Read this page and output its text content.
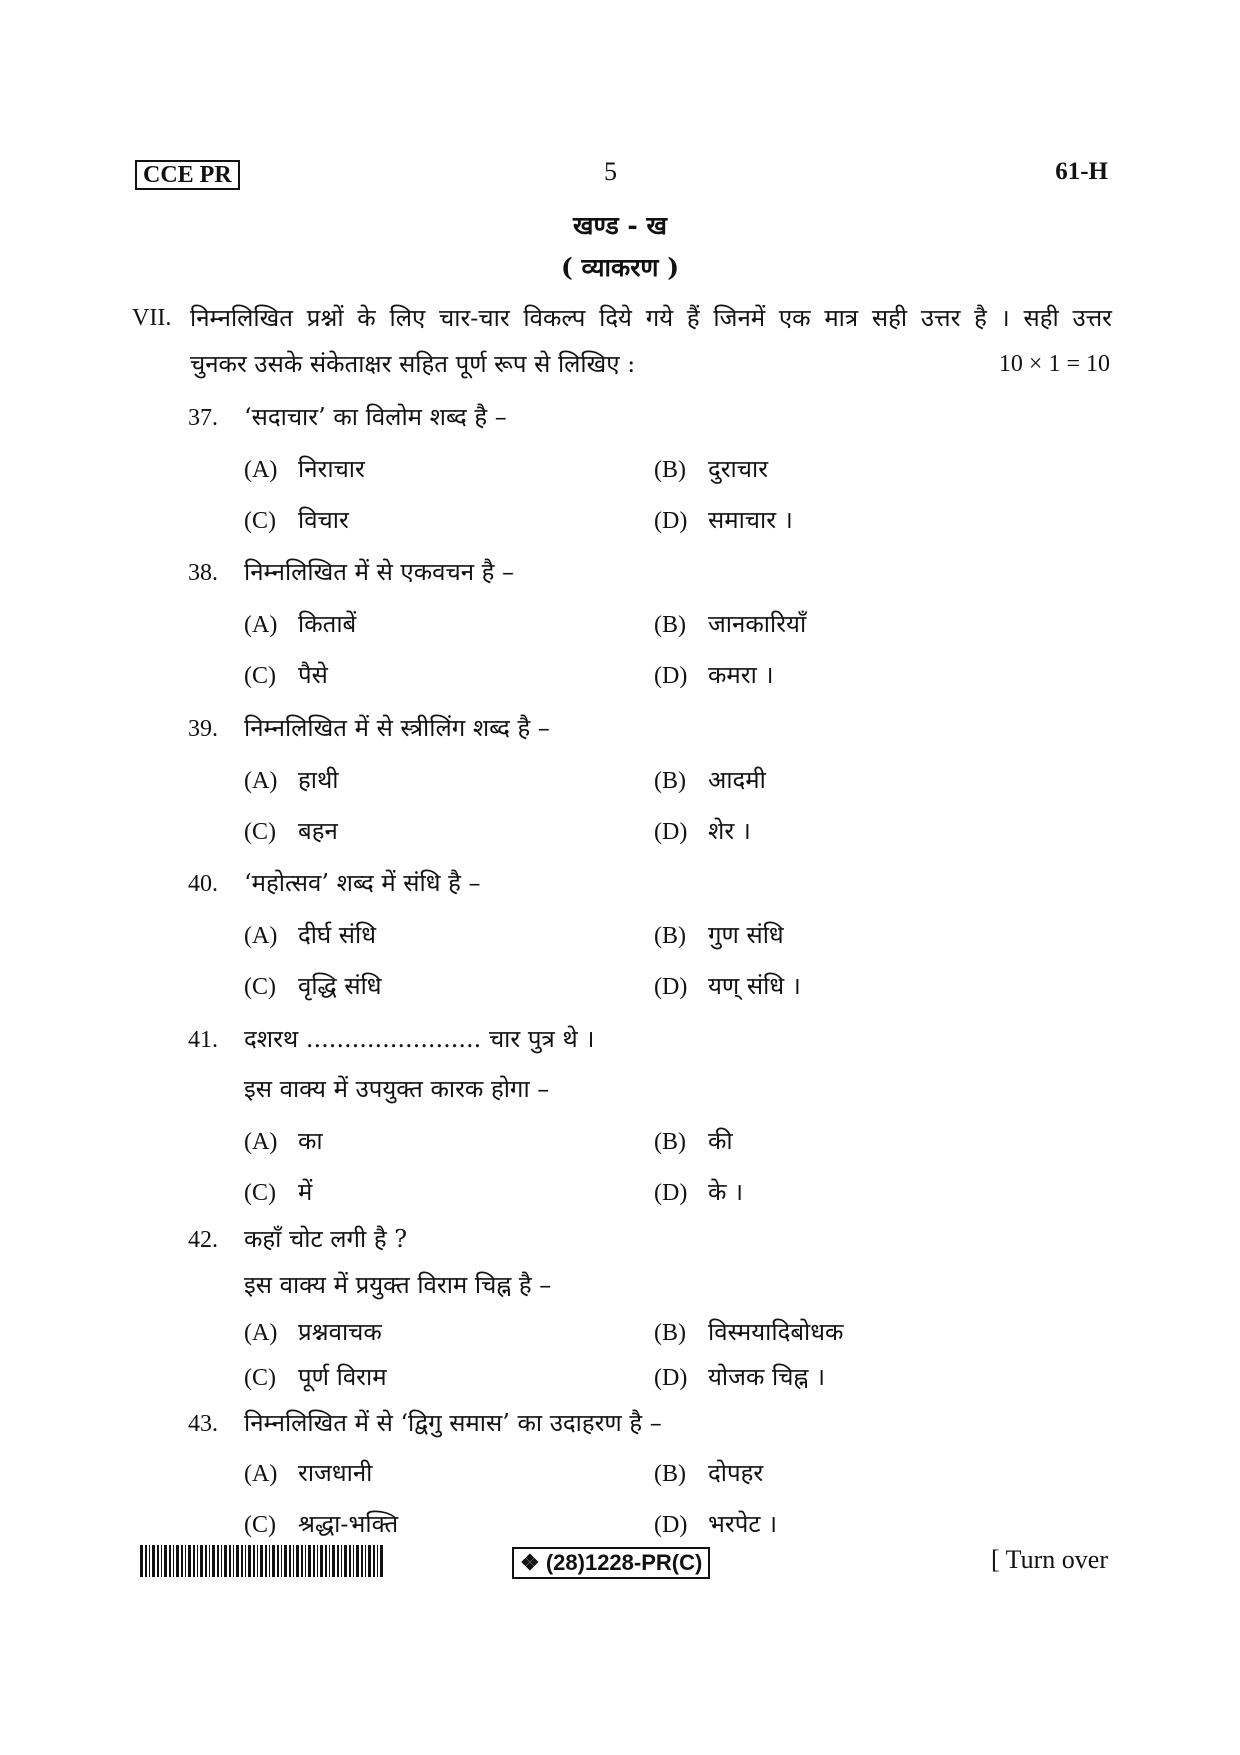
CCE PR	5	61-H
खण्ड - ख
( व्याकरण )
VII. निम्नलिखित प्रश्नों के लिए चार-चार विकल्प दिये गये हैं जिनमें एक मात्र सही उत्तर है । सही उत्तर
चुनकर उसके संकेताक्षर सहित पूर्ण रूप से लिखिए :	10 × 1 = 10
37. ‘सदाचार’ का विलोम शब्द है –
(A) निराचार	(B) दुराचार
(C) विचार	(D) समाचार ।
38. निम्नलिखित में से एकवचन है –
(A) किताबें	(B) जानकारियाँ
(C) पैसे	(D) कमरा ।
39. निम्नलिखित में से स्त्रीलिंग शब्द है –
(A) हाथी	(B) आदमी
(C) बहन	(D) शेर ।
40. ‘महोत्सव’ शब्द में संधि है –
(A) दीर्घ संधि	(B) गुण संधि
(C) वृद्धि संधि	(D) यण् संधि ।
41. दशरथ ....................... चार पुत्र थे ।
इस वाक्य में उपयुक्त कारक होगा –
(A) का	(B) की
(C) में	(D) के ।
42. कहाँ चोट लगी है ?
इस वाक्य में प्रयुक्त विराम चिह्न है –
(A) प्रश्नवाचक	(B) विस्मयादिबोधक
(C) पूर्ण विराम	(D) योजक चिह्न ।
43. निम्नलिखित में से ‘द्विगु समास’ का उदाहरण है –
(A) राजधानी	(B) दोपहर
(C) श्रद्धा-भक्ति	(D) भरपेट ।
❖ (28)1228-PR(C)	[ Turn over
